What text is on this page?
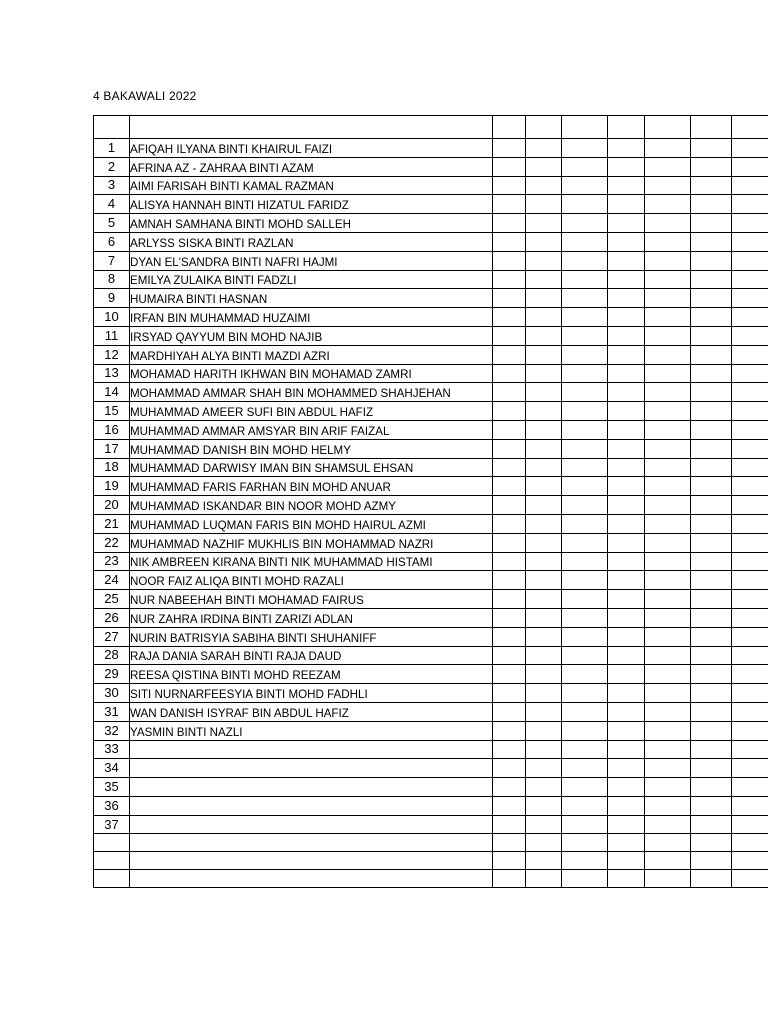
4 BAKAWALI 2022

1	AFIQAH ILYANA BINTI KHAIRUL FAIZI							
2	AFRINA AZ - ZAHRAA BINTI AZAM							
3	AIMI FARISAH BINTI KAMAL RAZMAN							
4	ALISYA HANNAH BINTI HIZATUL FARIDZ							
5	AMNAH SAMHANA BINTI MOHD SALLEH							
6	ARLYSS SISKA BINTI RAZLAN							
7	DYAN EL'SANDRA BINTI NAFRI HAJMI							
8	EMILYA ZULAIKA BINTI FADZLI							
9	HUMAIRA BINTI HASNAN							
10	IRFAN BIN MUHAMMAD HUZAIMI							
11	IRSYAD QAYYUM BIN MOHD NAJIB							
12	MARDHIYAH ALYA BINTI MAZDI AZRI							
13	MOHAMAD HARITH IKHWAN BIN MOHAMAD ZAMRI							
14	MOHAMMAD AMMAR SHAH BIN MOHAMMED SHAHJEHAN							
15	MUHAMMAD AMEER SUFI BIN ABDUL HAFIZ							
16	MUHAMMAD AMMAR AMSYAR BIN ARIF FAIZAL							
17	MUHAMMAD DANISH BIN MOHD HELMY							
18	MUHAMMAD DARWISY IMAN BIN SHAMSUL EHSAN							
19	MUHAMMAD FARIS FARHAN BIN MOHD ANUAR							
20	MUHAMMAD ISKANDAR BIN NOOR MOHD AZMY							
21	MUHAMMAD LUQMAN FARIS BIN MOHD HAIRUL AZMI							
22	MUHAMMAD NAZHIF MUKHLIS BIN MOHAMMAD NAZRI							
23	NIK AMBREEN KIRANA BINTI NIK MUHAMMAD HISTAMI							
24	NOOR FAIZ ALIQA BINTI MOHD RAZALI							
25	NUR NABEEHAH BINTI MOHAMAD FAIRUS							
26	NUR ZAHRA IRDINA BINTI ZARIZI ADLAN							
27	NURIN BATRISYIA SABIHA BINTI SHUHANIFF							
28	RAJA DANIA SARAH BINTI RAJA DAUD							
29	REESA QISTINA BINTI MOHD REEZAM							
30	SITI NURNARFEESYIA BINTI MOHD FADHLI							
31	WAN DANISH ISYRAF BIN ABDUL HAFIZ							
32	YASMIN BINTI NAZLI							
33								
34								
35								
36								
37								
